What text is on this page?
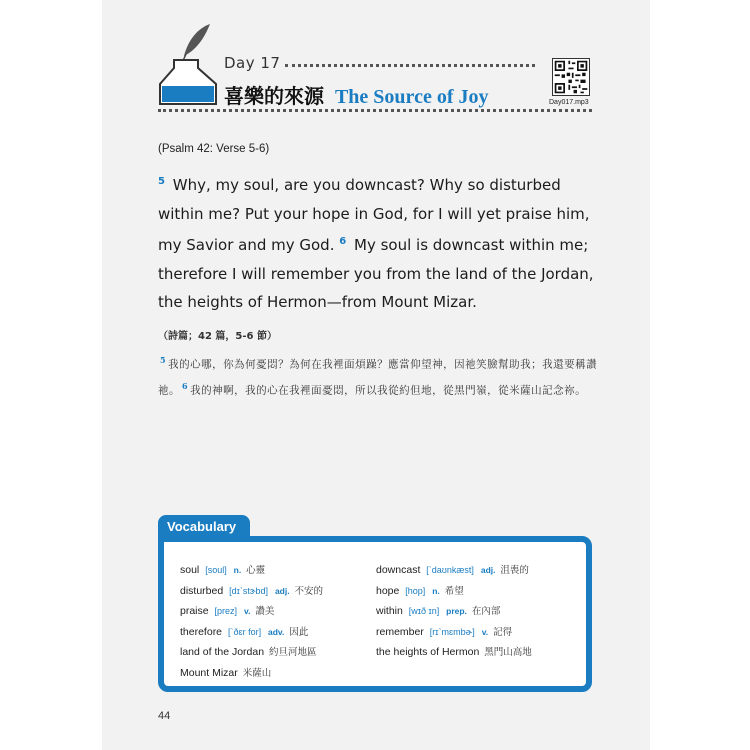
Day 17
喜樂的來源 The Source of Joy	Day017.mp3
(Psalm 42: Verse 5-6)
$^5$ Why, my soul, are you downcast? Why so disturbed within me? Put your hope in God, for I will yet praise him, my Savior and my God. $^6$ My soul is downcast within me; therefore I will remember you from the land of the Jordan, the heights of Hermon—from Mount Mizar.
（詩篇；42 篇，5-6 節）
$^5$ 我的心哪，你為何憂悶？為何在我裡面煩躁？應當仰望神，因祂笑臉幫助我；我還要稱讚祂。 $^6$ 我的神啊，我的心在我裡面憂悶，所以我從約但地，從黑門嶺，從米薩山記念祢。
Vocabulary
soul [soul] n. 心靈
disturbed [dɪˋstɝbd] adj. 不安的
praise [prez] v. 讚美
therefore [ˋðɛr for] adv. 因此
land of the Jordan 約旦河地區
Mount Mizar 米薩山
downcast [ˋdaʊnkæst] adj. 沮喪的
hope [hop] n. 希望
within [wɪð ɪn] prep. 在內部
remember [rɪˋmɛmbɚ] v. 記得
the heights of Hermon 黑門山高地
44
